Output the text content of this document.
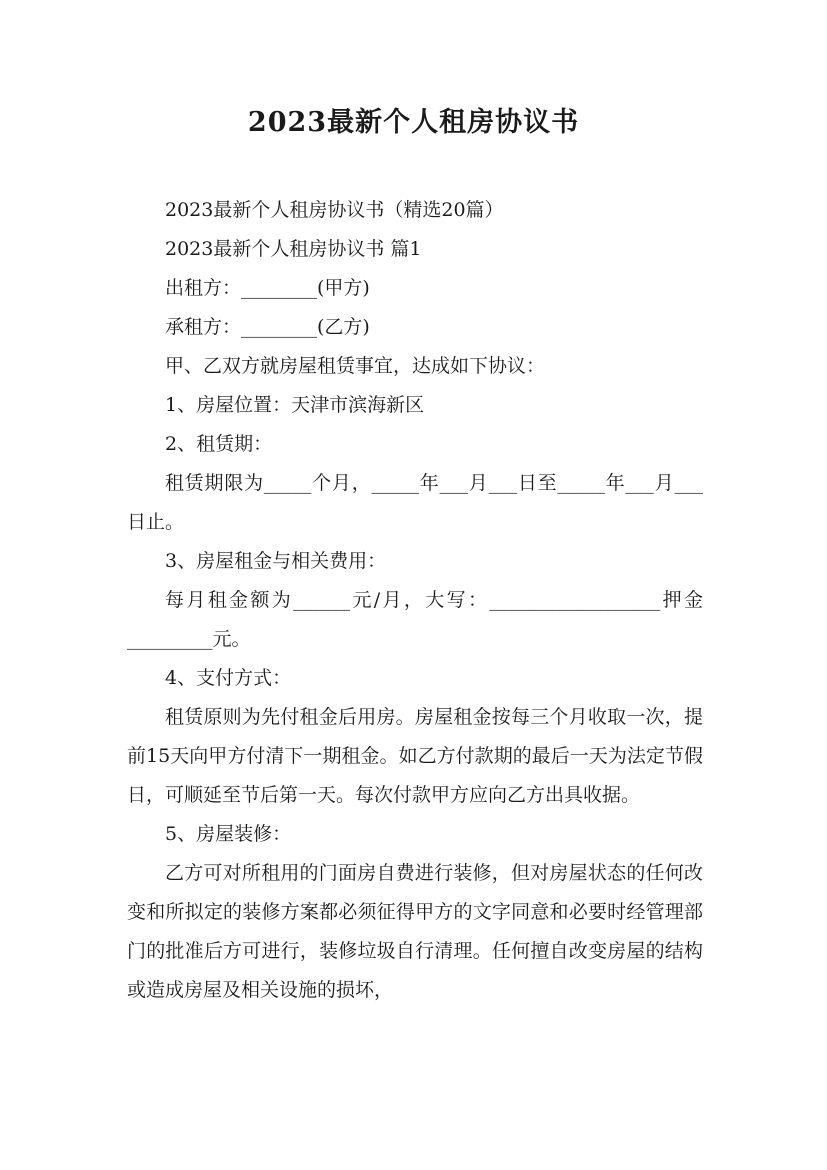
2023最新个人租房协议书

2023最新个人租房协议书（精选20篇）

2023最新个人租房协议书 篇1

出租方：________(甲方)

承租方：________(乙方)

甲、乙双方就房屋租赁事宜，达成如下协议：

1、房屋位置：天津市滨海新区

2、租赁期：

租赁期限为_____个月，_____年___月___日至_____年___月___日止。

3、房屋租金与相关费用：

每月租金额为______元/月，大写：__________________押金_________元。

4、支付方式：

租赁原则为先付租金后用房。房屋租金按每三个月收取一次，提前15天向甲方付清下一期租金。如乙方付款期的最后一天为法定节假日，可顺延至节后第一天。每次付款甲方应向乙方出具收据。

5、房屋装修：

乙方可对所租用的门面房自费进行装修，但对房屋状态的任何改变和所拟定的装修方案都必须征得甲方的文字同意和必要时经管理部门的批准后方可进行，装修垃圾自行清理。任何擅自改变房屋的结构或造成房屋及相关设施的损坏，
